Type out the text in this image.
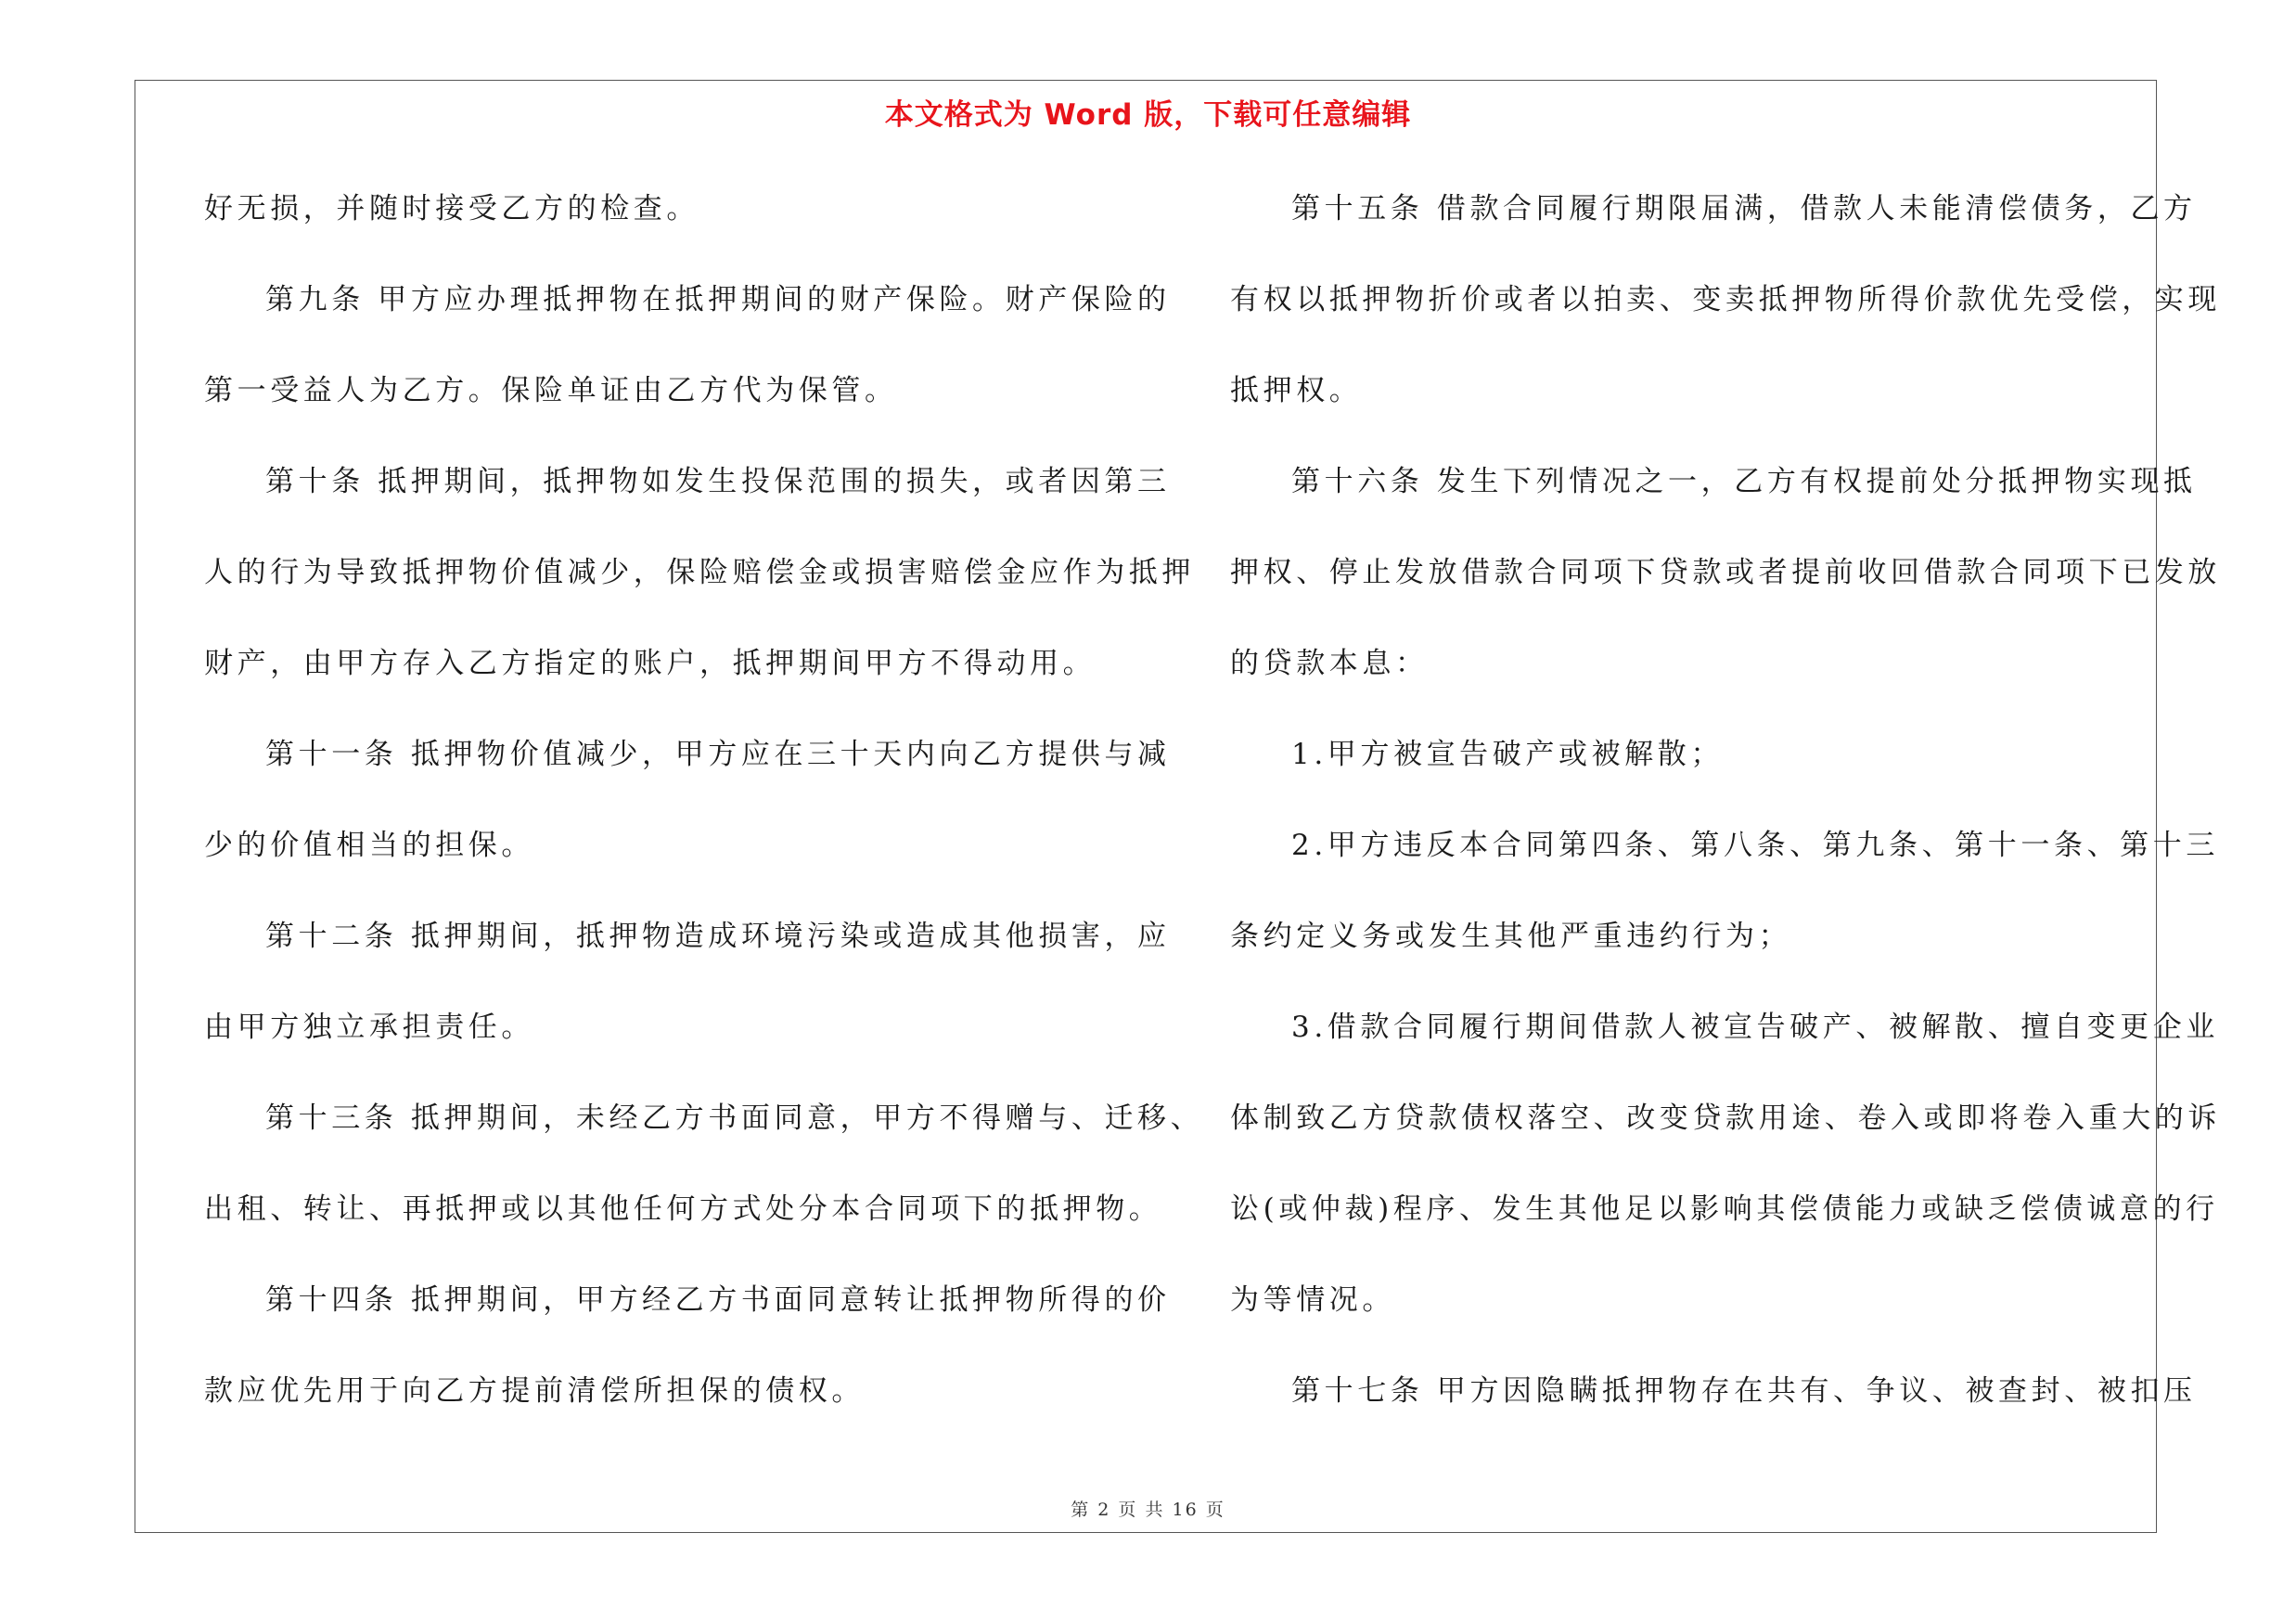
本文格式为 Word 版，下载可任意编辑
好无损，并随时接受乙方的检查。
第九条 甲方应办理抵押物在抵押期间的财产保险。财产保险的
第一受益人为乙方。保险单证由乙方代为保管。
第十条 抵押期间，抵押物如发生投保范围的损失，或者因第三
人的行为导致抵押物价值减少，保险赔偿金或损害赔偿金应作为抵押
财产，由甲方存入乙方指定的账户，抵押期间甲方不得动用。
第十一条 抵押物价值减少，甲方应在三十天内向乙方提供与减
少的价值相当的担保。
第十二条 抵押期间，抵押物造成环境污染或造成其他损害，应
由甲方独立承担责任。
第十三条 抵押期间，未经乙方书面同意，甲方不得赠与、迁移、
出租、转让、再抵押或以其他任何方式处分本合同项下的抵押物。
第十四条 抵押期间，甲方经乙方书面同意转让抵押物所得的价
款应优先用于向乙方提前清偿所担保的债权。
第十五条 借款合同履行期限届满，借款人未能清偿债务，乙方
有权以抵押物折价或者以拍卖、变卖抵押物所得价款优先受偿，实现
抵押权。
第十六条 发生下列情况之一，乙方有权提前处分抵押物实现抵
押权、停止发放借款合同项下贷款或者提前收回借款合同项下已发放
的贷款本息：
1.甲方被宣告破产或被解散；
2.甲方违反本合同第四条、第八条、第九条、第十一条、第十三
条约定义务或发生其他严重违约行为；
3.借款合同履行期间借款人被宣告破产、被解散、擅自变更企业
体制致乙方贷款债权落空、改变贷款用途、卷入或即将卷入重大的诉
讼(或仲裁)程序、发生其他足以影响其偿债能力或缺乏偿债诚意的行
为等情况。
第十七条 甲方因隐瞒抵押物存在共有、争议、被查封、被扣压
第 2 页 共 16 页
